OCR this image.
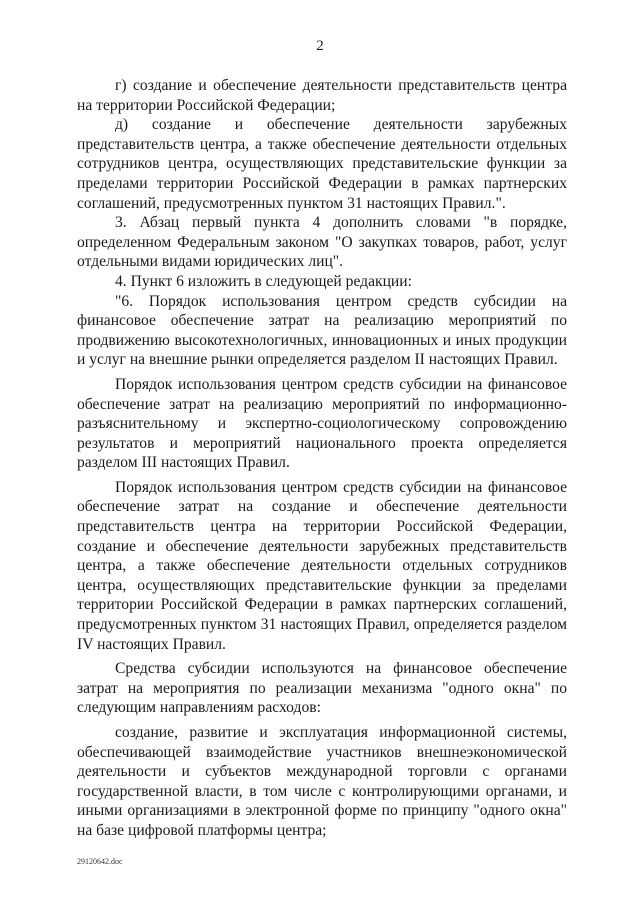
2

г) создание и обеспечение деятельности представительств центра на территории Российской Федерации;

д) создание и обеспечение деятельности зарубежных представительств центра, а также обеспечение деятельности отдельных сотрудников центра, осуществляющих представительские функции за пределами территории Российской Федерации в рамках партнерских соглашений, предусмотренных пунктом 31 настоящих Правил.".

3. Абзац первый пункта 4 дополнить словами "в порядке, определенном Федеральным законом "О закупках товаров, работ, услуг отдельными видами юридических лиц".

4. Пункт 6 изложить в следующей редакции:

"6. Порядок использования центром средств субсидии на финансовое обеспечение затрат на реализацию мероприятий по продвижению высокотехнологичных, инновационных и иных продукции и услуг на внешние рынки определяется разделом II настоящих Правил.

Порядок использования центром средств субсидии на финансовое обеспечение затрат на реализацию мероприятий по информационно-разъяснительному и экспертно-социологическому сопровождению результатов и мероприятий национального проекта определяется разделом III настоящих Правил.

Порядок использования центром средств субсидии на финансовое обеспечение затрат на создание и обеспечение деятельности представительств центра на территории Российской Федерации, создание и обеспечение деятельности зарубежных представительств центра, а также обеспечение деятельности отдельных сотрудников центра, осуществляющих представительские функции за пределами территории Российской Федерации в рамках партнерских соглашений, предусмотренных пунктом 31 настоящих Правил, определяется разделом IV настоящих Правил.

Средства субсидии используются на финансовое обеспечение затрат на мероприятия по реализации механизма "одного окна" по следующим направлениям расходов:

создание, развитие и эксплуатация информационной системы, обеспечивающей взаимодействие участников внешнеэкономической деятельности и субъектов международной торговли с органами государственной власти, в том числе с контролирующими органами, и иными организациями в электронной форме по принципу "одного окна" на базе цифровой платформы центра;

29120642.doc
